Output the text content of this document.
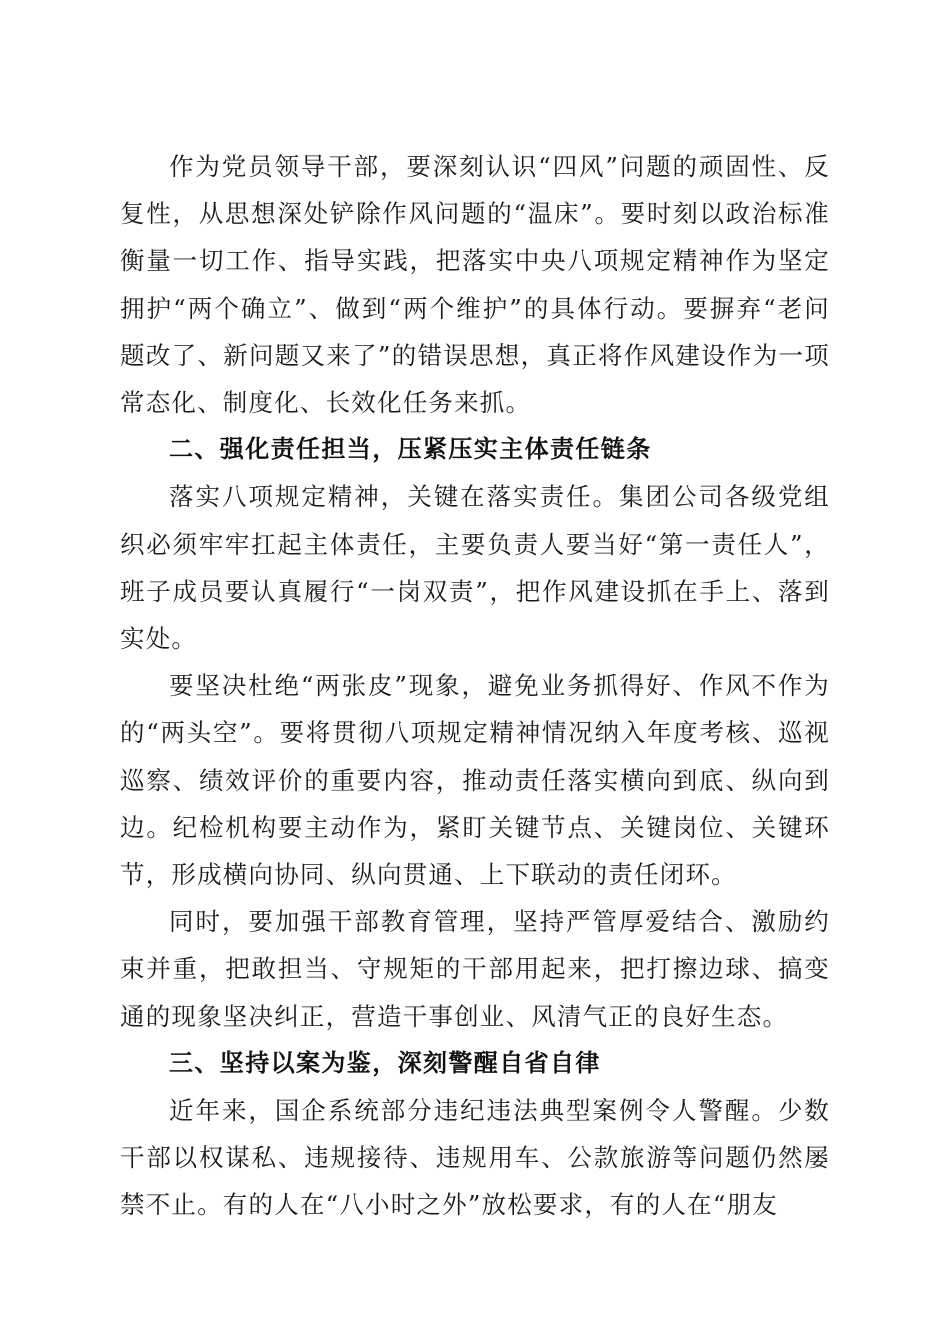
作为党员领导干部，要深刻认识“四风”问题的顽固性、反复性，从思想深处铲除作风问题的“温床”。要时刻以政治标准衡量一切工作、指导实践，把落实中央八项规定精神作为坚定拥护“两个确立”、做到“两个维护”的具体行动。要摒弃“老问题改了、新问题又来了”的错误思想，真正将作风建设作为一项常态化、制度化、长效化任务来抓。

二、强化责任担当，压紧压实主体责任链条

落实八项规定精神，关键在落实责任。集团公司各级党组织必须牢牢扛起主体责任，主要负责人要当好“第一责任人”，班子成员要认真履行“一岗双责”，把作风建设抓在手上、落到实处。

要坚决杜绝“两张皮”现象，避免业务抓得好、作风不作为的“两头空”。要将贯彻八项规定精神情况纳入年度考核、巡视巡察、绩效评价的重要内容，推动责任落实横向到底、纵向到边。纪检机构要主动作为，紧盯关键节点、关键岗位、关键环节，形成横向协同、纵向贯通、上下联动的责任闭环。

同时，要加强干部教育管理，坚持严管厚爱结合、激励约束并重，把敢担当、守规矩的干部用起来，把打擦边球、搞变通的现象坚决纠正，营造干事创业、风清气正的良好生态。

三、坚持以案为鉴，深刻警醒自省自律

近年来，国企系统部分违纪违法典型案例令人警醒。少数干部以权谋私、违规接待、违规用车、公款旅游等问题仍然屡禁不止。有的人在“八小时之外”放松要求，有的人在“朋友
